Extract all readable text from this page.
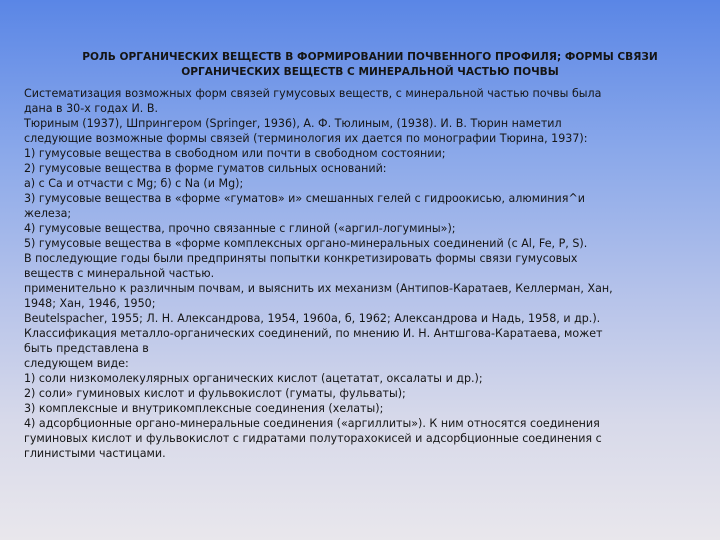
РОЛЬ ОРГАНИЧЕСКИХ ВЕЩЕСТВ В ФОРМИРОВАНИИ ПОЧВЕННОГО ПРОФИЛЯ; ФОРМЫ СВЯЗИ
ОРГАНИЧЕСКИХ ВЕЩЕСТВ С МИНЕРАЛЬНОЙ ЧАСТЬЮ ПОЧВЫ
Систематизация возможных форм связей гумусовых веществ, с минеральной частью почвы была
дана в 30-х годах И. В.
Тюриным (1937), Шпрингером (Springer, 1936), А. Ф. Тюлиным, (1938). И. В. Тюрин наметил
следующие возможные формы связей (терминология их дается по монографии Тюрина, 1937):
1) гумусовые вещества в свободном или почти в свободном состоянии;
2) гумусовые вещества в форме гуматов сильных оснований:
а) с Са и отчасти с Mg; б) с Na (и Mg);
3) гумусовые вещества в «форме «гуматов» и» смешанных гелей с гидроокисью, алюминия^и
железа;
4) гумусовые вещества, прочно связанные с глиной («аргил-логумины»);
5) гумусовые вещества в «форме комплексных органо-минеральных соединений (с Al, Fe, P, S).
В последующие годы были предприняты попытки конкретизировать формы связи гумусовых
веществ с минеральной частью.
применительно к различным почвам, и выяснить их механизм (Антипов-Каратаев, Келлерман, Хан,
1948; Хан, 1946, 1950;
Beutelspacher, 1955; Л. Н. Александрова, 1954, 1960а, б, 1962; Александрова и Надь, 1958, и др.).
Классификация металло-органических соединений, по мнению И. Н. Антшгова-Каратаева, может
быть представлена в
следующем виде:
1) соли низкомолекулярных органических кислот (ацетатат, оксалаты и др.);
2) соли» гуминовых кислот и фульвокислот (гуматы, фульваты);
3) комплексные и внутрикомплексные соединения (хелаты);
4) адсорбционные органо-минеральные соединения («аргиллиты»). К ним относятся соединения
гуминовых кислот и фульвокислот с гидратами полуторахокисей и адсорбционные соединения с
глинистыми частицами.
